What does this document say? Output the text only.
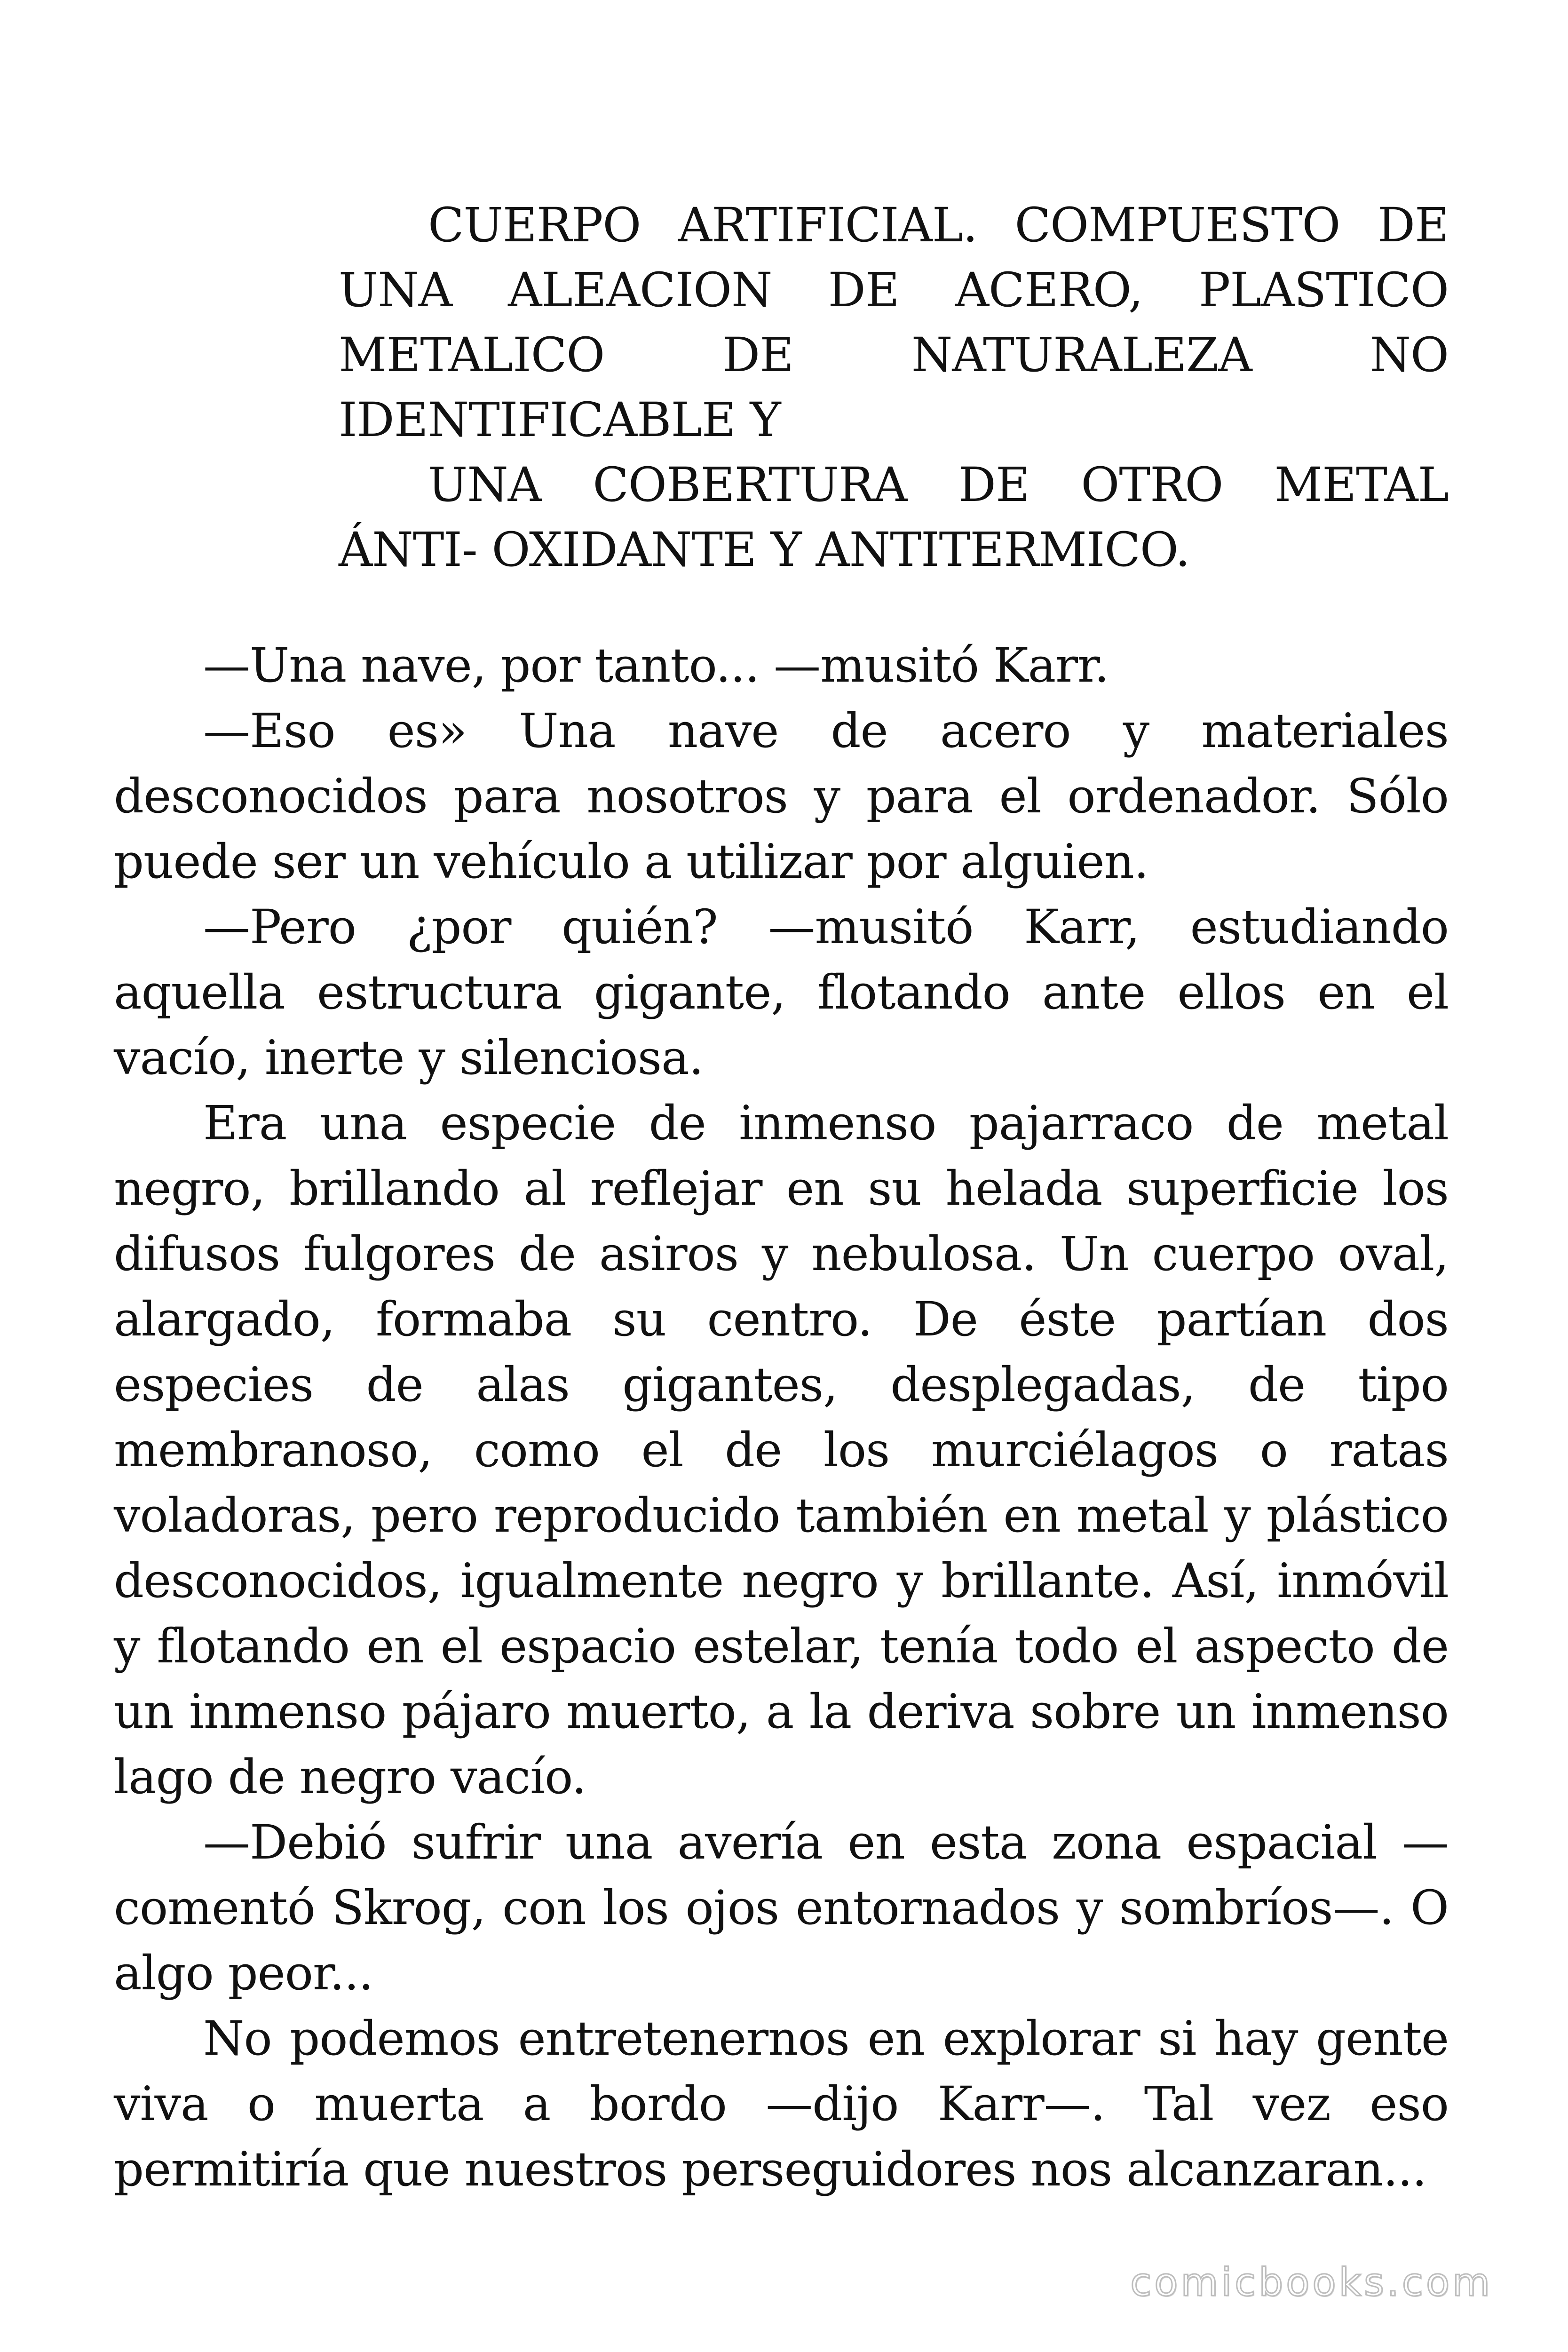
CUERPO ARTIFICIAL. COMPUESTO DE UNA ALEACION DE ACERO, PLASTICO METALICO DE NATURALEZA NO IDENTIFICABLE Y

UNA COBERTURA DE OTRO METAL ÁNTI- OXIDANTE Y ANTITERMICO.

—Una nave, por tanto... —musitó Karr.

—Eso es» Una nave de acero y materiales desconocidos para nosotros y para el ordenador. Sólo puede ser un vehículo a utilizar por alguien.

—Pero ¿por quién? —musitó Karr, estudiando aquella estructura gigante, flotando ante ellos en el vacío, inerte y silenciosa.

Era una especie de inmenso pajarraco de metal negro, brillando al reflejar en su helada superficie los difusos fulgores de asiros y nebulosa. Un cuerpo oval, alargado, formaba su centro. De éste partían dos especies de alas gigantes, desplegadas, de tipo membranoso, como el de los murciélagos o ratas voladoras, pero reproducido también en metal y plástico desconocidos, igualmente negro y brillante. Así, inmóvil y flotando en el espacio estelar, tenía todo el aspecto de un inmenso pájaro muerto, a la deriva sobre un inmenso lago de negro vacío.

—Debió sufrir una avería en esta zona espacial —comentó Skrog, con los ojos entornados y sombríos—. O algo peor...

No podemos entretenernos en explorar si hay gente viva o muerta a bordo —dijo Karr—. Tal vez eso permitiría que nuestros perseguidores nos alcanzaran...

comicbooks.com
